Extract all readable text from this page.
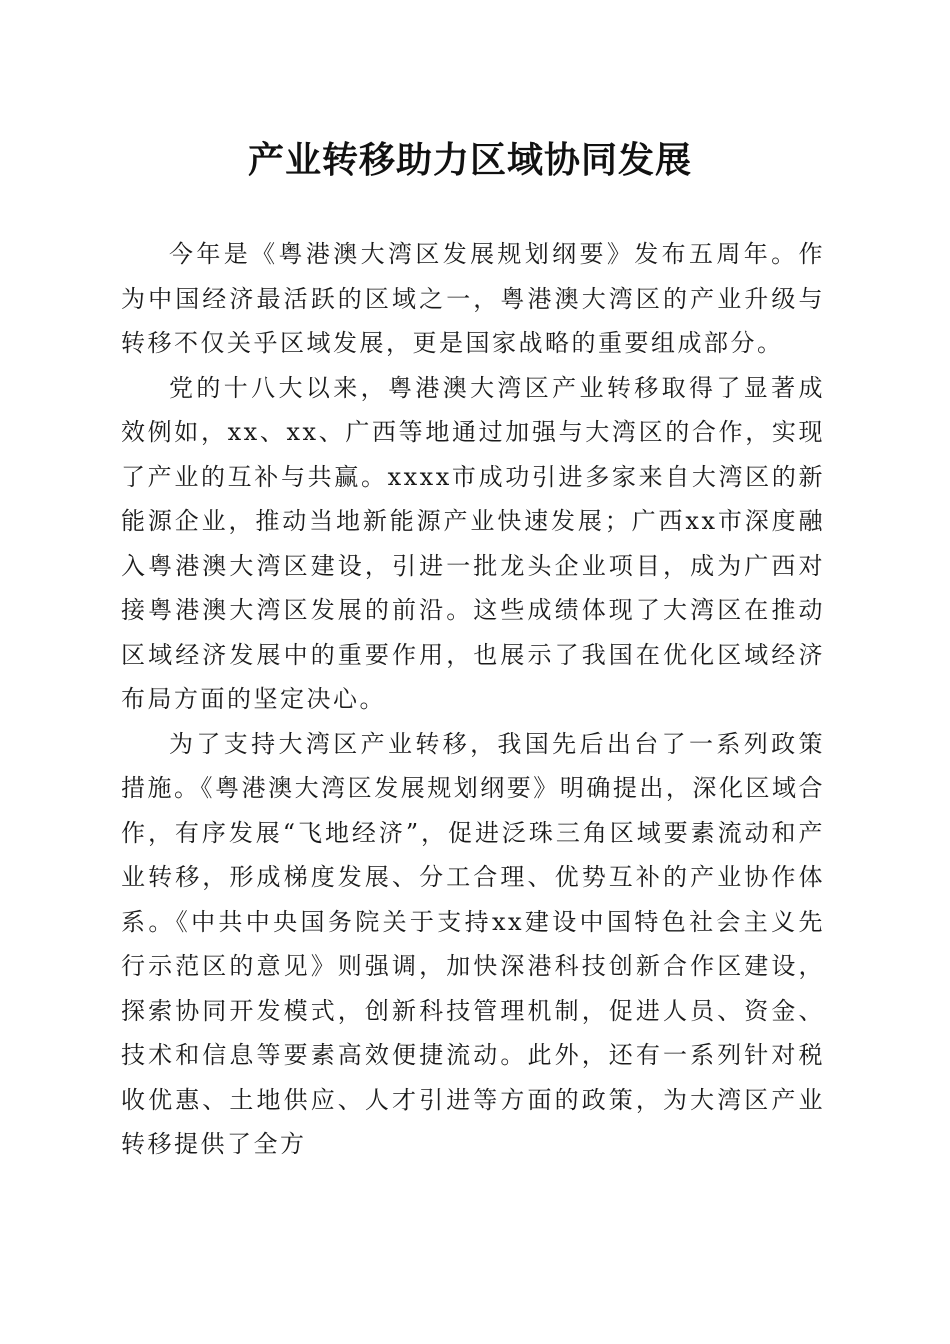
产业转移助力区域协同发展

今年是《粤港澳大湾区发展规划纲要》发布五周年。作为中国经济最活跃的区域之一，粤港澳大湾区的产业升级与转移不仅关乎区域发展，更是国家战略的重要组成部分。

党的十八大以来，粤港澳大湾区产业转移取得了显著成效例如，xx、xx、广西等地通过加强与大湾区的合作，实现了产业的互补与共赢。xxxx市成功引进多家来自大湾区的新能源企业，推动当地新能源产业快速发展；广西xx市深度融入粤港澳大湾区建设，引进一批龙头企业项目，成为广西对接粤港澳大湾区发展的前沿。这些成绩体现了大湾区在推动区域经济发展中的重要作用，也展示了我国在优化区域经济布局方面的坚定决心。

为了支持大湾区产业转移，我国先后出台了一系列政策措施。《粤港澳大湾区发展规划纲要》明确提出，深化区域合作，有序发展“飞地经济”，促进泛珠三角区域要素流动和产业转移，形成梯度发展、分工合理、优势互补的产业协作体系。《中共中央国务院关于支持xx建设中国特色社会主义先行示范区的意见》则强调，加快深港科技创新合作区建设，探索协同开发模式，创新科技管理机制，促进人员、资金、技术和信息等要素高效便捷流动。此外，还有一系列针对税收优惠、土地供应、人才引进等方面的政策，为大湾区产业转移提供了全方
